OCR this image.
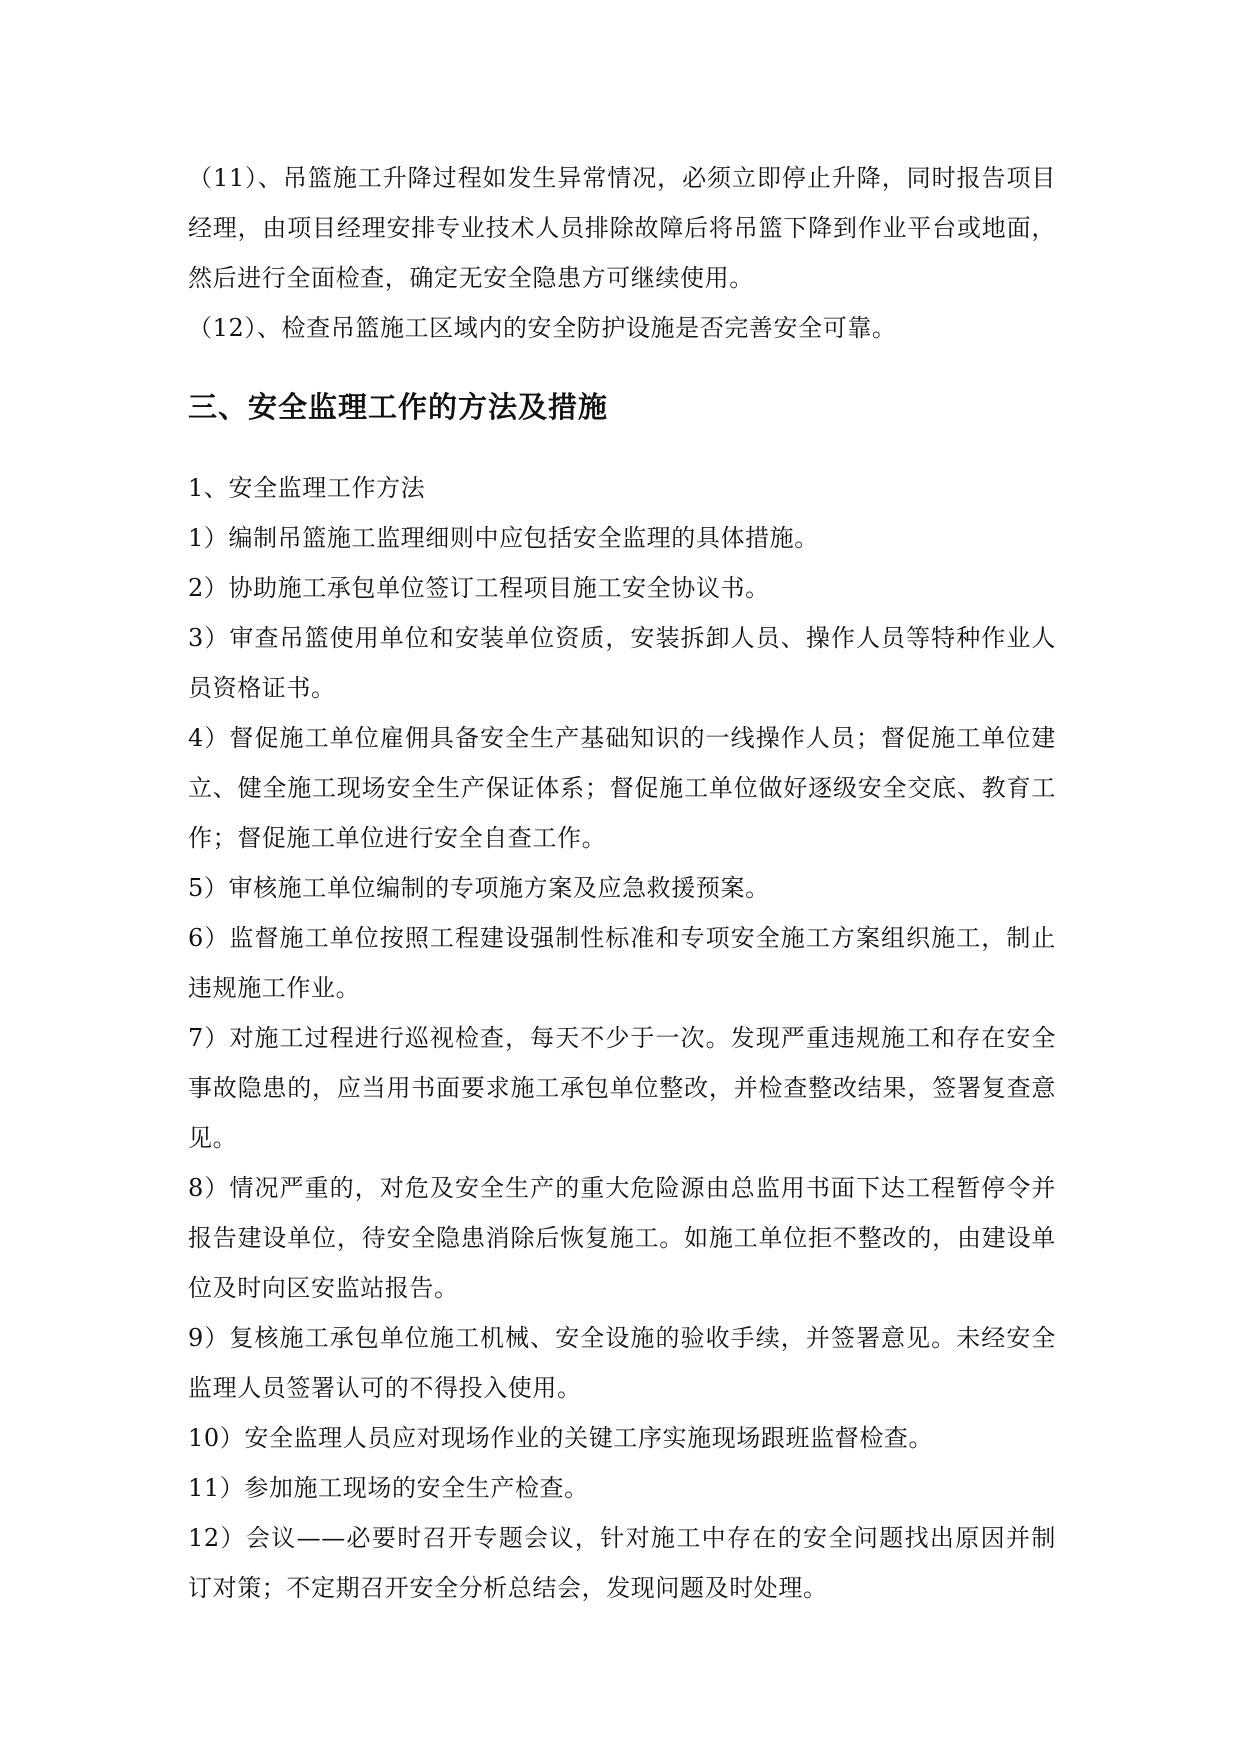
（11）、吊篮施工升降过程如发生异常情况，必须立即停止升降，同时报告项目经理，由项目经理安排专业技术人员排除故障后将吊篮下降到作业平台或地面，然后进行全面检查，确定无安全隐患方可继续使用。

（12）、检查吊篮施工区域内的安全防护设施是否完善安全可靠。

三、安全监理工作的方法及措施

1、安全监理工作方法

1）编制吊篮施工监理细则中应包括安全监理的具体措施。

2）协助施工承包单位签订工程项目施工安全协议书。

3）审查吊篮使用单位和安装单位资质，安装拆卸人员、操作人员等特种作业人员资格证书。

4）督促施工单位雇佣具备安全生产基础知识的一线操作人员；督促施工单位建立、健全施工现场安全生产保证体系；督促施工单位做好逐级安全交底、教育工作；督促施工单位进行安全自查工作。

5）审核施工单位编制的专项施方案及应急救援预案。

6）监督施工单位按照工程建设强制性标准和专项安全施工方案组织施工，制止违规施工作业。

7）对施工过程进行巡视检查，每天不少于一次。发现严重违规施工和存在安全事故隐患的，应当用书面要求施工承包单位整改，并检查整改结果，签署复查意见。

8）情况严重的，对危及安全生产的重大危险源由总监用书面下达工程暂停令并报告建设单位，待安全隐患消除后恢复施工。如施工单位拒不整改的，由建设单位及时向区安监站报告。

9）复核施工承包单位施工机械、安全设施的验收手续，并签署意见。未经安全监理人员签署认可的不得投入使用。

10）安全监理人员应对现场作业的关键工序实施现场跟班监督检查。

11）参加施工现场的安全生产检查。

12）会议——必要时召开专题会议，针对施工中存在的安全问题找出原因并制订对策；不定期召开安全分析总结会，发现问题及时处理。
